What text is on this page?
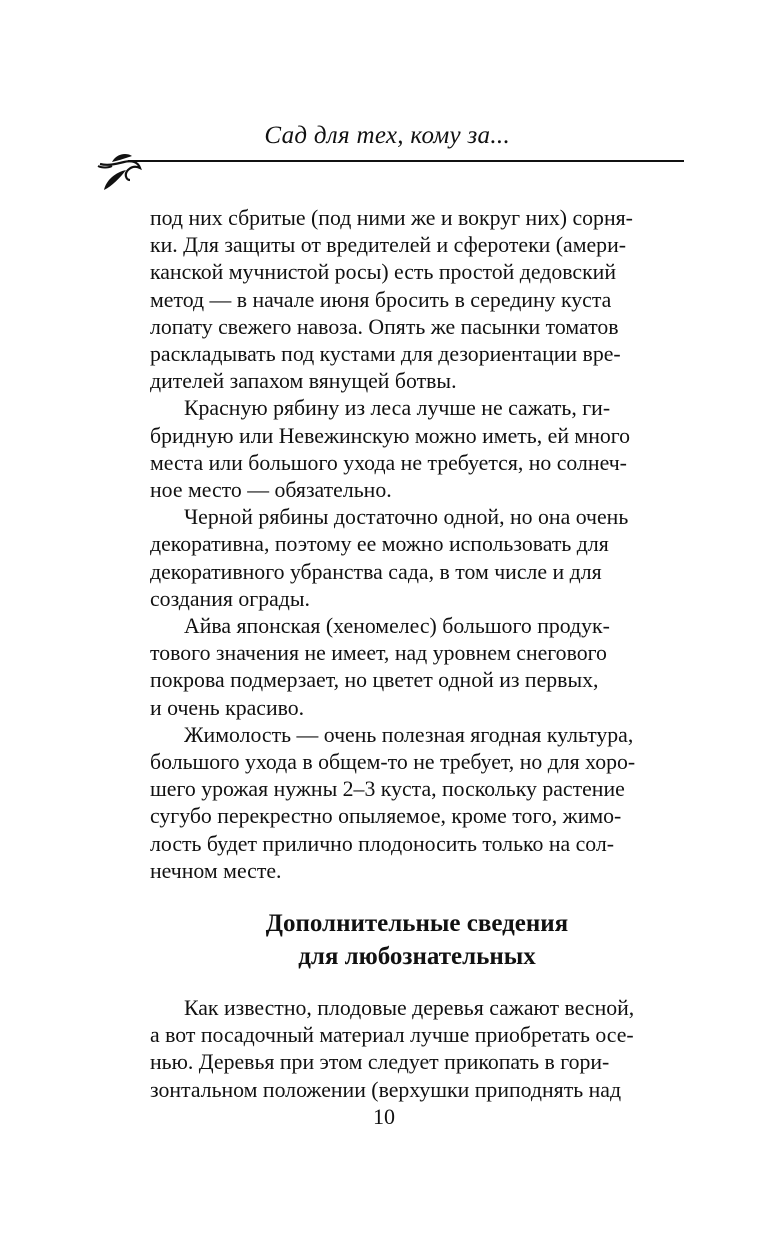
Сад для тех, кому за...

под них сбритые (под ними же и вокруг них) сорня-
ки. Для защиты от вредителей и сферотеки (амери-
канской мучнистой росы) есть простой дедовский
метод — в начале июня бросить в середину куста
лопату свежего навоза. Опять же пасынки томатов
раскладывать под кустами для дезориентации вре-
дителей запахом вянущей ботвы.

Красную рябину из леса лучше не сажать, ги-
бридную или Невежинскую можно иметь, ей много
места или большого ухода не требуется, но солнеч-
ное место — обязательно.

Черной рябины достаточно одной, но она очень
декоративна, поэтому ее можно использовать для
декоративного убранства сада, в том числе и для
создания ограды.

Айва японская (хеномелес) большого продук-
тового значения не имеет, над уровнем снегового
покрова подмерзает, но цветет одной из первых,
и очень красиво.

Жимолость — очень полезная ягодная культура,
большого ухода в общем-то не требует, но для хоро-
шего урожая нужны 2–3 куста, поскольку растение
сугубо перекрестно опыляемое, кроме того, жимо-
лость будет прилично плодоносить только на сол-
нечном месте.

Дополнительные сведения
для любознательных

Как известно, плодовые деревья сажают весной,
а вот посадочный материал лучше приобретать осе-
нью. Деревья при этом следует прикопать в гори-
зонтальном положении (верхушки приподнять над

10
